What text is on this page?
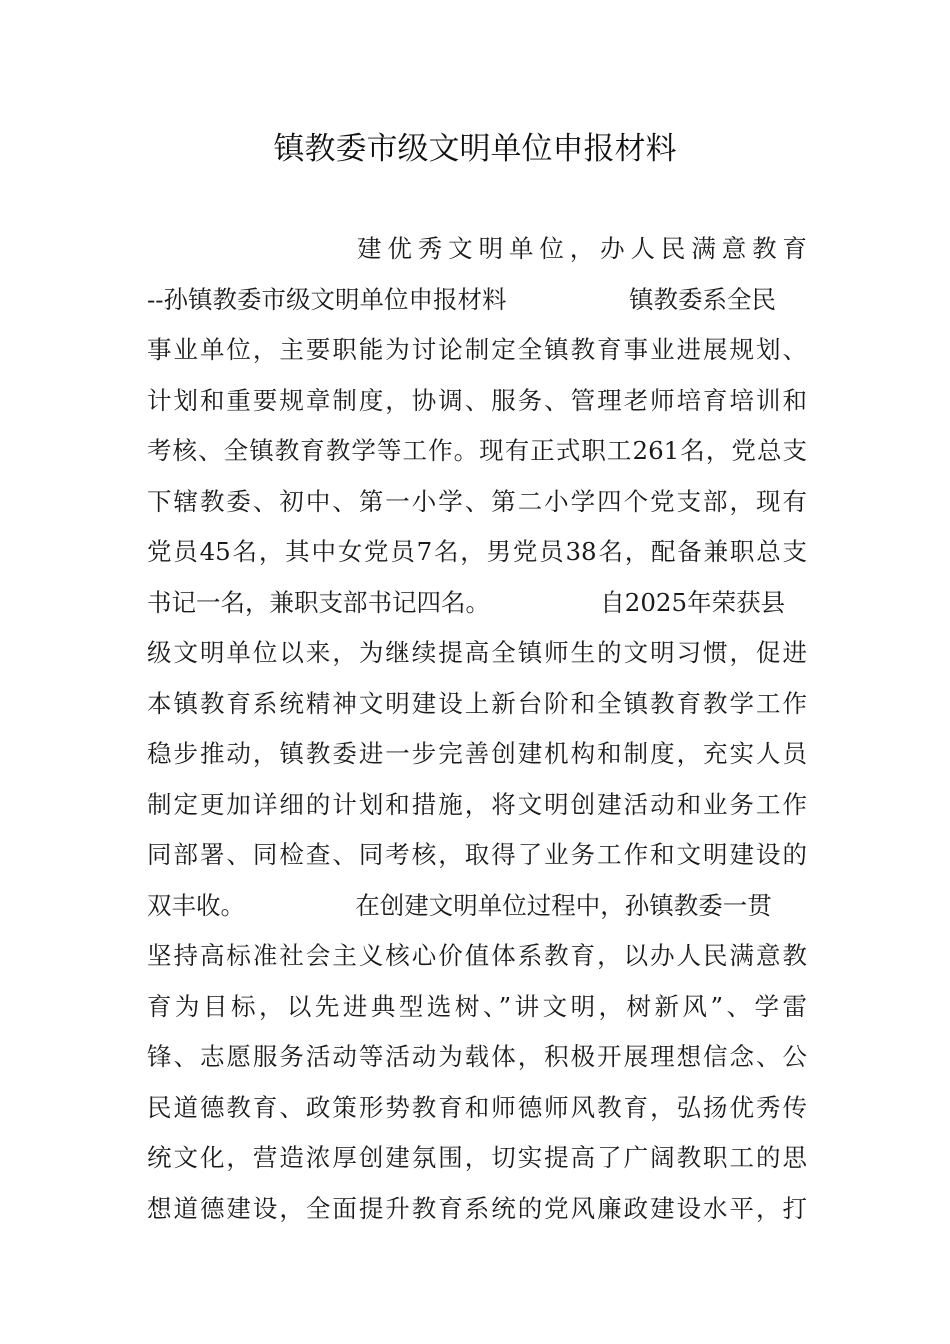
镇教委市级文明单位申报材料
建优秀文明单位，办人民满意教育
--孙镇教委市级文明单位申报材料　　　　　镇教委系全民
事业单位，主要职能为讨论制定全镇教育事业进展规划、
计划和重要规章制度，协调、服务、管理老师培育培训和
考核、全镇教育教学等工作。现有正式职工261名，党总支
下辖教委、初中、第一小学、第二小学四个党支部，现有
党员45名，其中女党员7名，男党员38名，配备兼职总支
书记一名，兼职支部书记四名。　　　　　自2025年荣获县
级文明单位以来，为继续提高全镇师生的文明习惯，促进
本镇教育系统精神文明建设上新台阶和全镇教育教学工作
稳步推动，镇教委进一步完善创建机构和制度，充实人员
制定更加详细的计划和措施，将文明创建活动和业务工作
同部署、同检查、同考核，取得了业务工作和文明建设的
双丰收。　　　　　在创建文明单位过程中，孙镇教委一贯
坚持高标准社会主义核心价值体系教育，以办人民满意教
育为目标，以先进典型选树、”讲文明，树新风”、学雷
锋、志愿服务活动等活动为载体，积极开展理想信念、公
民道德教育、政策形势教育和师德师风教育，弘扬优秀传
统文化，营造浓厚创建氛围，切实提高了广阔教职工的思
想道德建设，全面提升教育系统的党风廉政建设水平，打
